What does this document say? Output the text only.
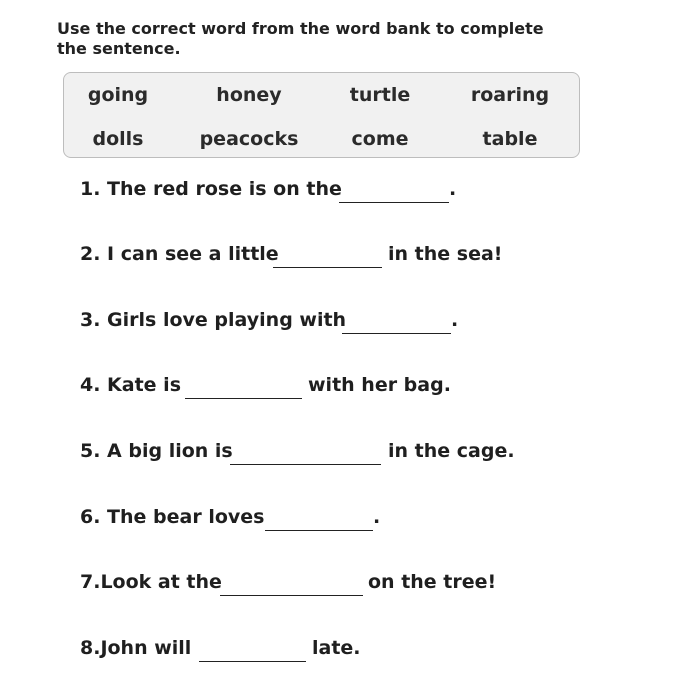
Use the correct word from the word bank to complete the sentence.
going	honey	turtle	roaring
dolls	peacocks	come	table
1. The red rose is on the	.
2. I can see a little	in the sea!
3. Girls love playing with	.
4. Kate is	with her bag.
5. A big lion is	in the cage.
6. The bear loves	.
7.Look at the	on the tree!
8.John will	late.
